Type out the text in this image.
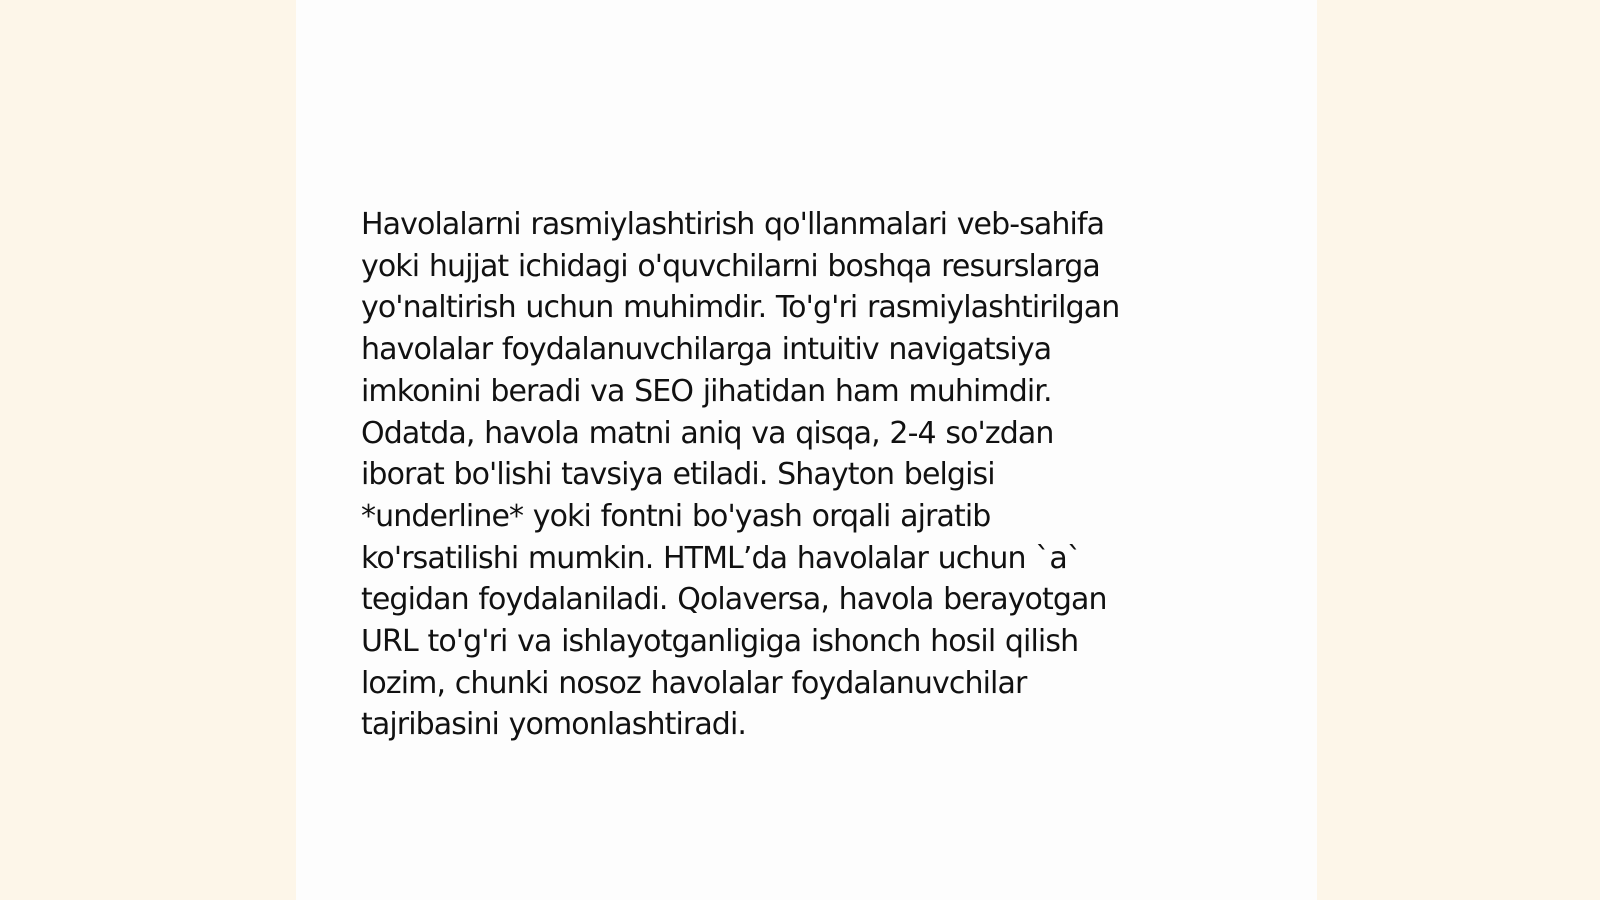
Havolalarni rasmiylashtirish qo'llanmalari veb-sahifa
yoki hujjat ichidagi o'quvchilarni boshqa resurslarga
yo'naltirish uchun muhimdir. To'g'ri rasmiylashtirilgan
havolalar foydalanuvchilarga intuitiv navigatsiya
imkonini beradi va SEO jihatidan ham muhimdir.
Odatda, havola matni aniq va qisqa, 2-4 so'zdan
iborat bo'lishi tavsiya etiladi. Shayton belgisi
*underline* yoki fontni bo'yash orqali ajratib
ko'rsatilishi mumkin. HTML’da havolalar uchun `a`
tegidan foydalaniladi. Qolaversa, havola berayotgan
URL to'g'ri va ishlayotganligiga ishonch hosil qilish
lozim, chunki nosoz havolalar foydalanuvchilar
tajribasini yomonlashtiradi.
